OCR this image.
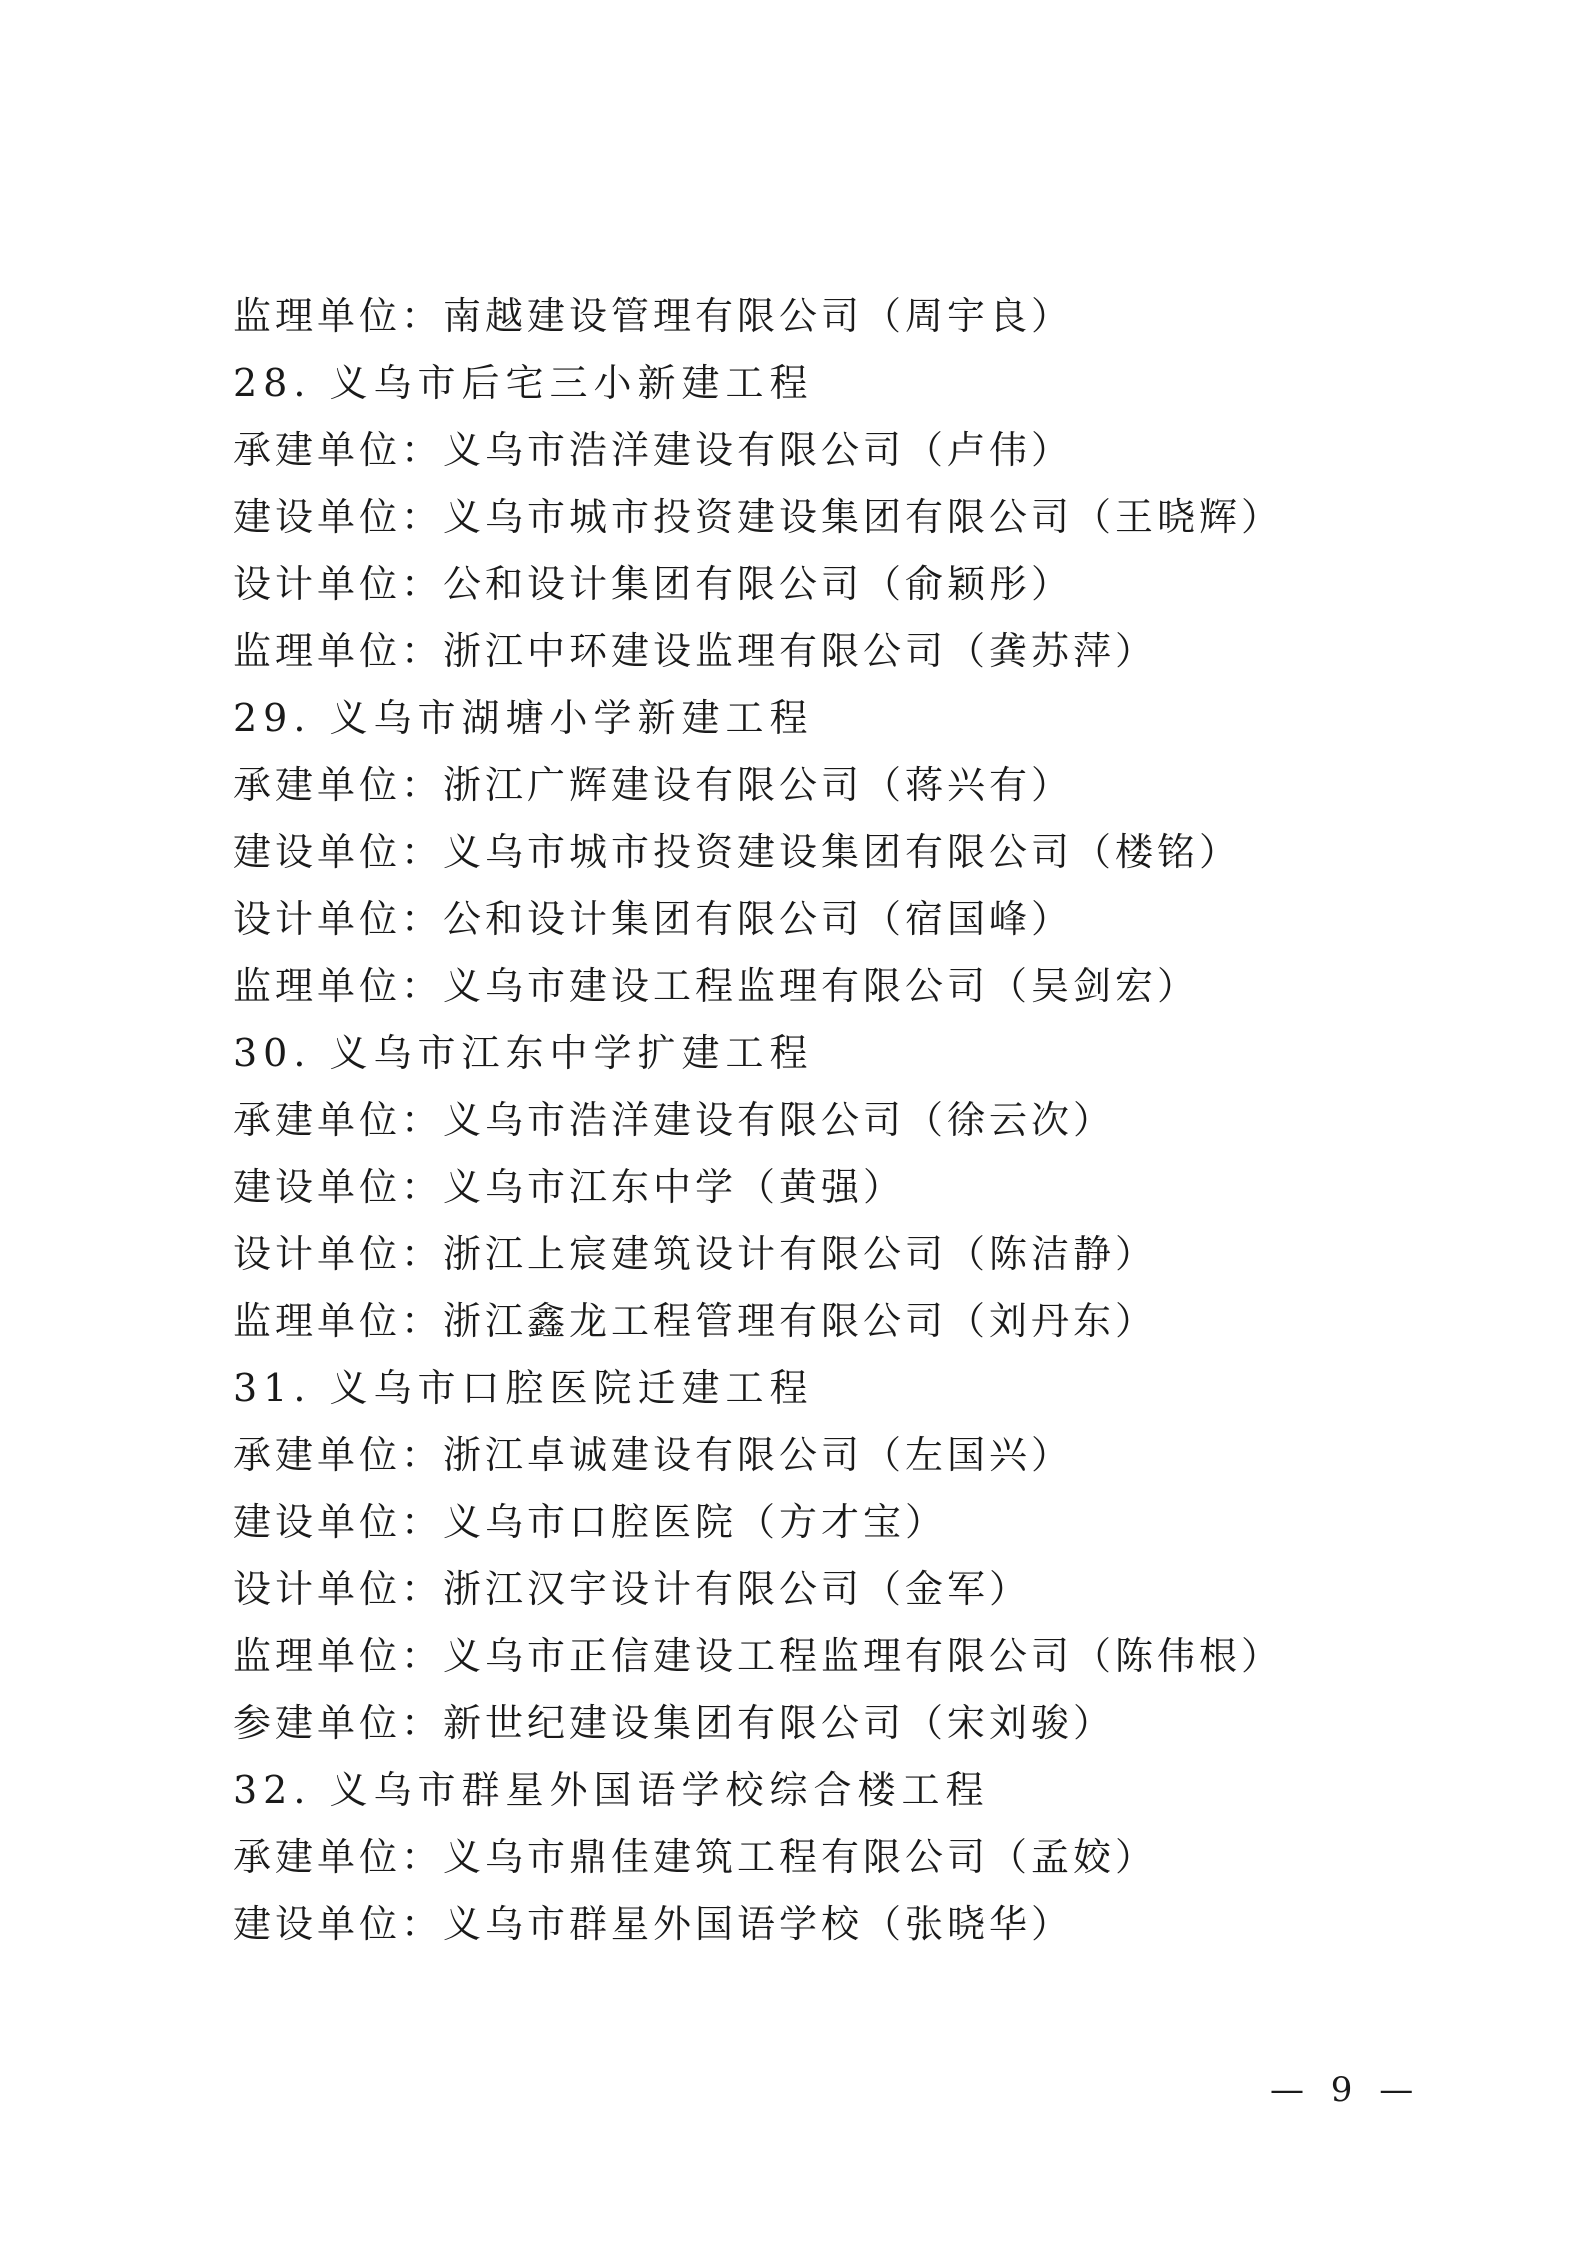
监理单位：南越建设管理有限公司（周宇良）
28. 义乌市后宅三小新建工程
承建单位：义乌市浩洋建设有限公司（卢伟）
建设单位：义乌市城市投资建设集团有限公司（王晓辉）
设计单位：公和设计集团有限公司（俞颖彤）
监理单位：浙江中环建设监理有限公司（龚苏萍）
29. 义乌市湖塘小学新建工程
承建单位：浙江广辉建设有限公司（蒋兴有）
建设单位：义乌市城市投资建设集团有限公司（楼铭）
设计单位：公和设计集团有限公司（宿国峰）
监理单位：义乌市建设工程监理有限公司（吴剑宏）
30. 义乌市江东中学扩建工程
承建单位：义乌市浩洋建设有限公司（徐云次）
建设单位：义乌市江东中学（黄强）
设计单位：浙江上宸建筑设计有限公司（陈洁静）
监理单位：浙江鑫龙工程管理有限公司（刘丹东）
31. 义乌市口腔医院迁建工程
承建单位：浙江卓诚建设有限公司（左国兴）
建设单位：义乌市口腔医院（方才宝）
设计单位：浙江汉宇设计有限公司（金军）
监理单位：义乌市正信建设工程监理有限公司（陈伟根）
参建单位：新世纪建设集团有限公司（宋刘骏）
32. 义乌市群星外国语学校综合楼工程
承建单位：义乌市鼎佳建筑工程有限公司（孟姣）
建设单位：义乌市群星外国语学校（张晓华）
— 9 —
